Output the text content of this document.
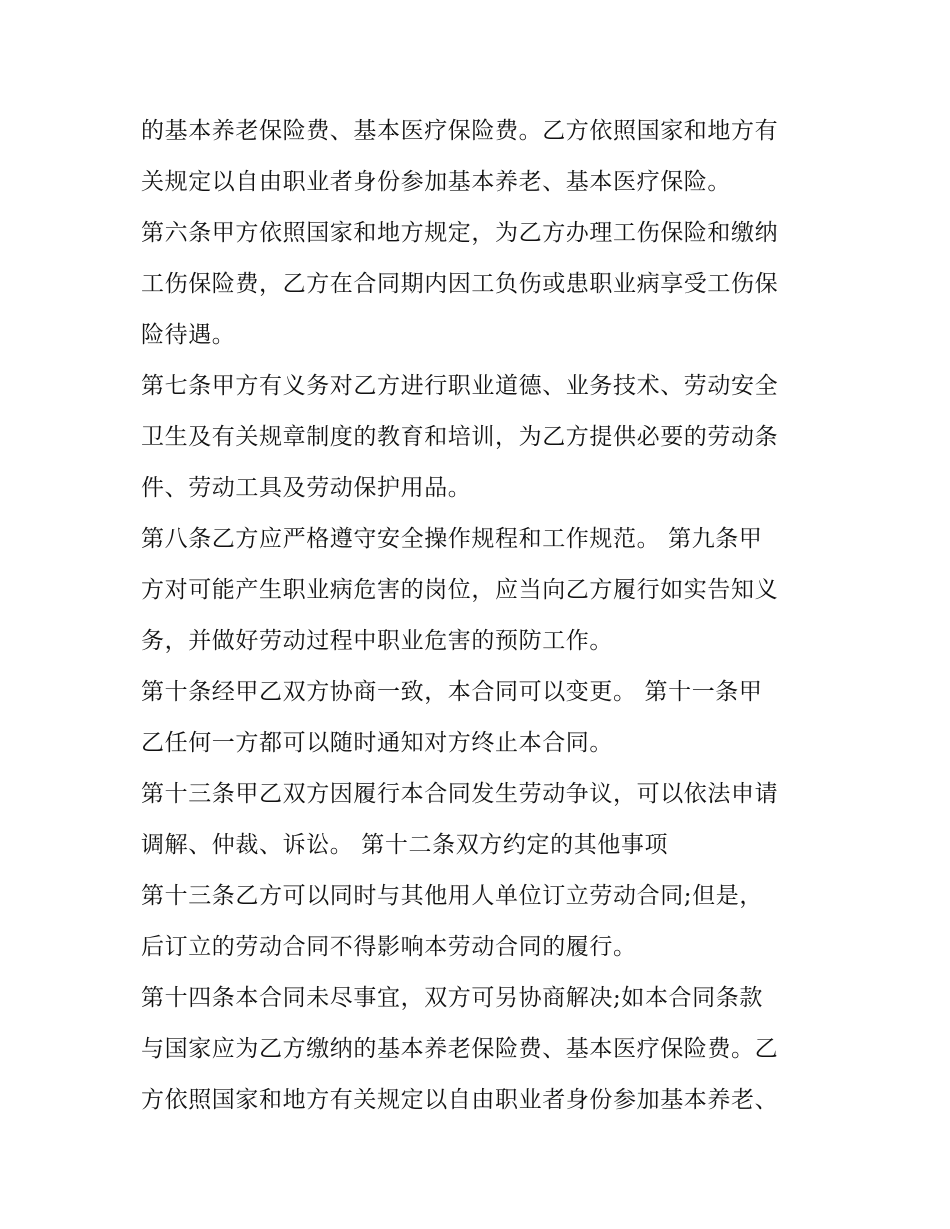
的基本养老保险费、基本医疗保险费。乙方依照国家和地方有
关规定以自由职业者身份参加基本养老、基本医疗保险。
第六条甲方依照国家和地方规定，为乙方办理工伤保险和缴纳
工伤保险费，乙方在合同期内因工负伤或患职业病享受工伤保
险待遇。
第七条甲方有义务对乙方进行职业道德、业务技术、劳动安全
卫生及有关规章制度的教育和培训，为乙方提供必要的劳动条
件、劳动工具及劳动保护用品。
第八条乙方应严格遵守安全操作规程和工作规范。 第九条甲
方对可能产生职业病危害的岗位，应当向乙方履行如实告知义
务，并做好劳动过程中职业危害的预防工作。
第十条经甲乙双方协商一致，本合同可以变更。 第十一条甲
乙任何一方都可以随时通知对方终止本合同。
第十三条甲乙双方因履行本合同发生劳动争议，可以依法申请
调解、仲裁、诉讼。 第十二条双方约定的其他事项
第十三条乙方可以同时与其他用人单位订立劳动合同;但是，
后订立的劳动合同不得影响本劳动合同的履行。
第十四条本合同未尽事宜，双方可另协商解决;如本合同条款
与国家应为乙方缴纳的基本养老保险费、基本医疗保险费。乙
方依照国家和地方有关规定以自由职业者身份参加基本养老、
